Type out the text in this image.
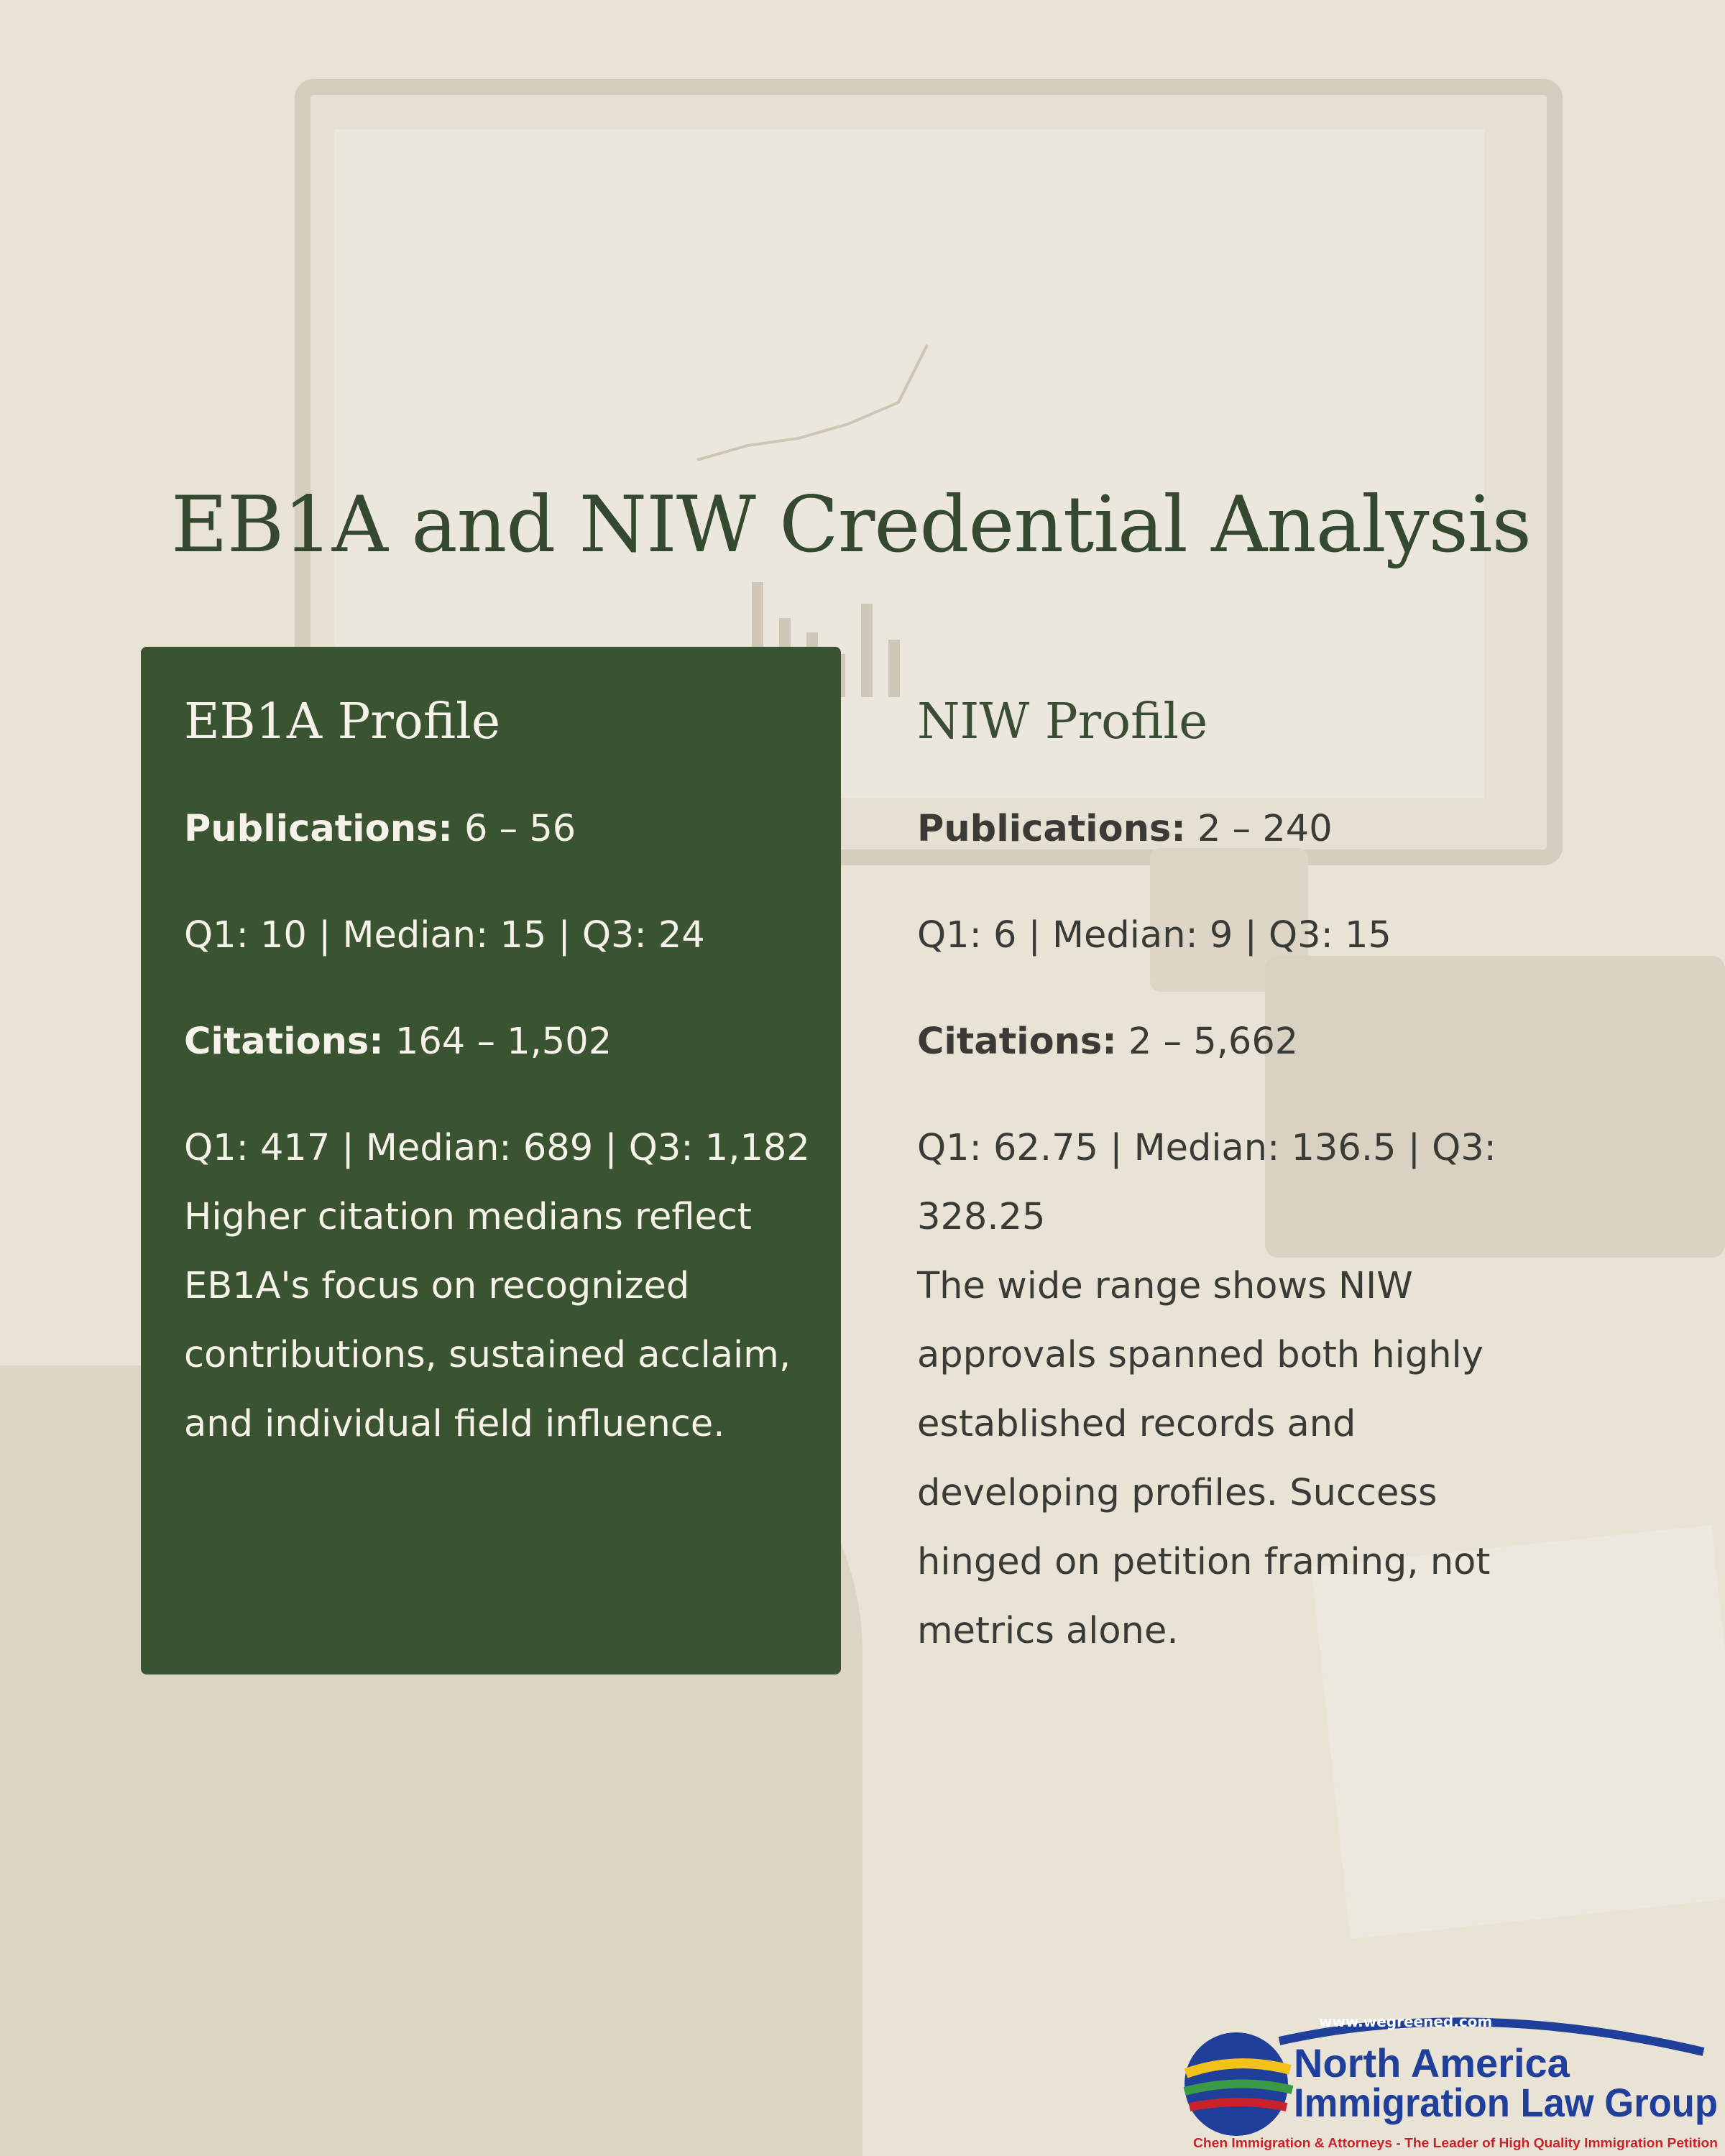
EB1A and NIW Credential Analysis
EB1A Profile

Publications: 6 – 56

Q1: 10 | Median: 15 | Q3: 24

Citations: 164 – 1,502

Q1: 417 | Median: 689 | Q3: 1,182

Higher citation medians reflect EB1A's focus on recognized contributions, sustained acclaim, and individual field influence.

NIW Profile

Publications: 2 – 240

Q1: 6 | Median: 9 | Q3: 15

Citations: 2 – 5,662

Q1: 62.75 | Median: 136.5 | Q3:

328.25

The wide range shows NIW approvals spanned both highly established records and developing profiles. Success hinged on petition framing, not metrics alone.

www.wegreened.com
North America
Immigration Law Group
Chen Immigration & Attorneys - The Leader of High Quality Immigration Petition
